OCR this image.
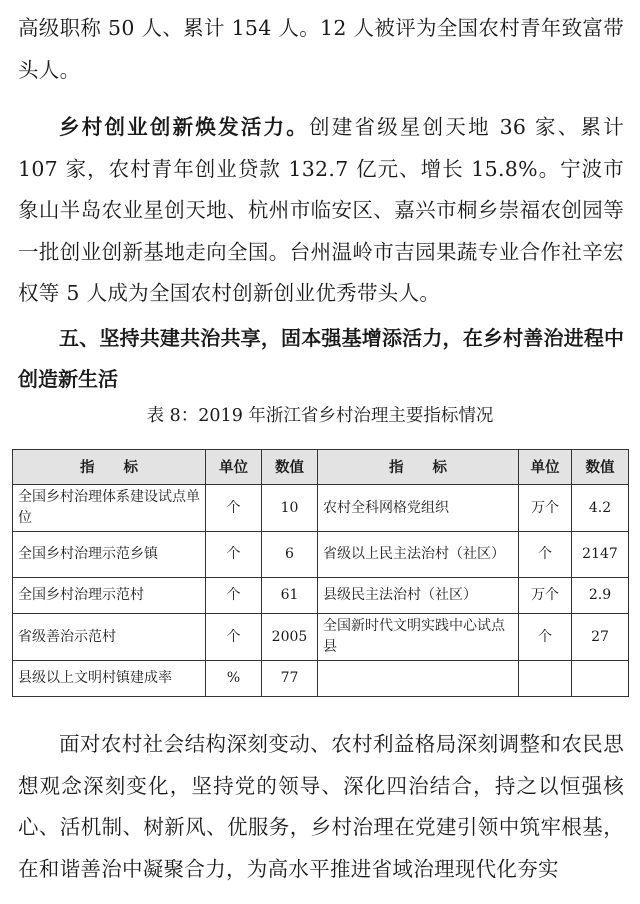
高级职称 50 人、累计 154 人。12 人被评为全国农村青年致富带头人。

乡村创业创新焕发活力。创建省级星创天地 36 家、累计 107 家，农村青年创业贷款 132.7 亿元、增长 15.8%。宁波市象山半岛农业星创天地、杭州市临安区、嘉兴市桐乡崇福农创园等一批创业创新基地走向全国。台州温岭市吉园果蔬专业合作社辛宏权等 5 人成为全国农村创新创业优秀带头人。

五、坚持共建共治共享，固本强基增添活力，在乡村善治进程中创造新生活

表 8：2019 年浙江省乡村治理主要指标情况

指　　标	单位	数值	指　　标	单位	数值
全国乡村治理体系建设试点单位	个	10	农村全科网格党组织	万个	4.2
全国乡村治理示范乡镇	个	6	省级以上民主法治村（社区）	个	2147
全国乡村治理示范村	个	61	县级民主法治村（社区）	万个	2.9
省级善治示范村	个	2005	全国新时代文明实践中心试点县	个	27
县级以上文明村镇建成率	%	77			

面对农村社会结构深刻变动、农村利益格局深刻调整和农民思想观念深刻变化，坚持党的领导、深化四治结合，持之以恒强核心、活机制、树新风、优服务，乡村治理在党建引领中筑牢根基，在和谐善治中凝聚合力，为高水平推进省域治理现代化夯实
